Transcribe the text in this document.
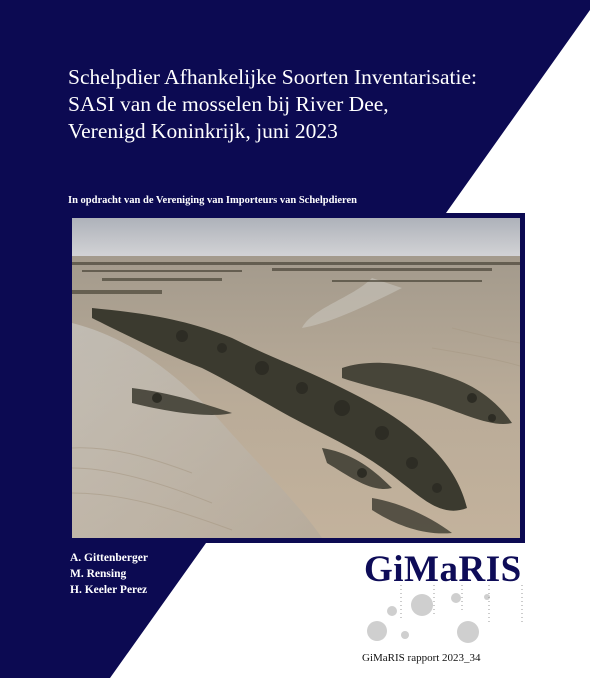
Schelpdier Afhankelijke Soorten Inventarisatie:
SASI van de mosselen bij River Dee,
Verenigd Koninkrijk, juni 2023
In opdracht van de Vereniging van Importeurs van Schelpdieren
A. Gittenberger
M. Rensing
H. Keeler Perez	GiMaRIS
GiMaRIS rapport 2023_34
